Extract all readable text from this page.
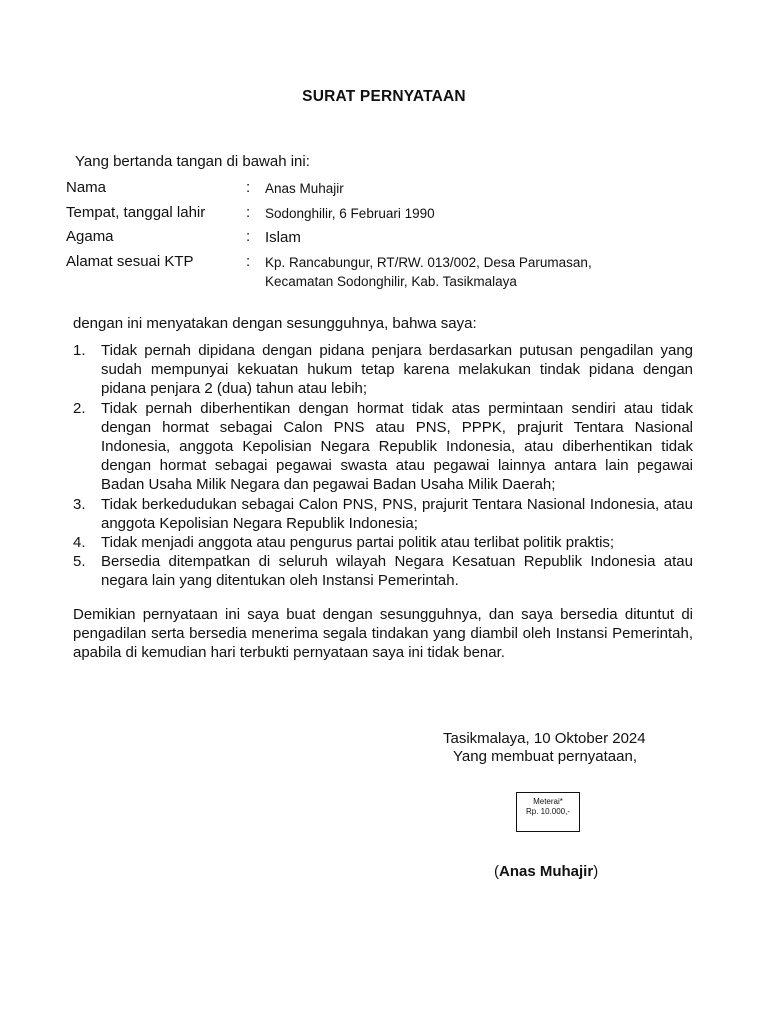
SURAT PERNYATAAN
Yang bertanda tangan di bawah ini:
Nama	: Anas Muhajir
Tempat, tanggal lahir	: Sodonghilir, 6 Februari 1990
Agama	: Islam
Alamat sesuai KTP	: Kp. Rancabungur, RT/RW. 013/002, Desa Parumasan,
Kecamatan Sodonghilir, Kab. Tasikmalaya
dengan ini menyatakan dengan sesungguhnya, bahwa saya:
1. Tidak pernah dipidana dengan pidana penjara berdasarkan putusan pengadilan yang sudah mempunyai kekuatan hukum tetap karena melakukan tindak pidana dengan pidana penjara 2 (dua) tahun atau lebih;
2. Tidak pernah diberhentikan dengan hormat tidak atas permintaan sendiri atau tidak dengan hormat sebagai Calon PNS atau PNS, PPPK, prajurit Tentara Nasional Indonesia, anggota Kepolisian Negara Republik Indonesia, atau diberhentikan tidak dengan hormat sebagai pegawai swasta atau pegawai lainnya antara lain pegawai Badan Usaha Milik Negara dan pegawai Badan Usaha Milik Daerah;
3. Tidak berkedudukan sebagai Calon PNS, PNS, prajurit Tentara Nasional Indonesia, atau anggota Kepolisian Negara Republik Indonesia;
4. Tidak menjadi anggota atau pengurus partai politik atau terlibat politik praktis;
5. Bersedia ditempatkan di seluruh wilayah Negara Kesatuan Republik Indonesia atau negara lain yang ditentukan oleh Instansi Pemerintah.
Demikian pernyataan ini saya buat dengan sesungguhnya, dan saya bersedia dituntut di pengadilan serta bersedia menerima segala tindakan yang diambil oleh Instansi Pemerintah, apabila di kemudian hari terbukti pernyataan saya ini tidak benar.
Tasikmalaya, 10 Oktober 2024
Yang membuat pernyataan,
Meterai*
Rp. 10.000,-
(Anas Muhajir)
